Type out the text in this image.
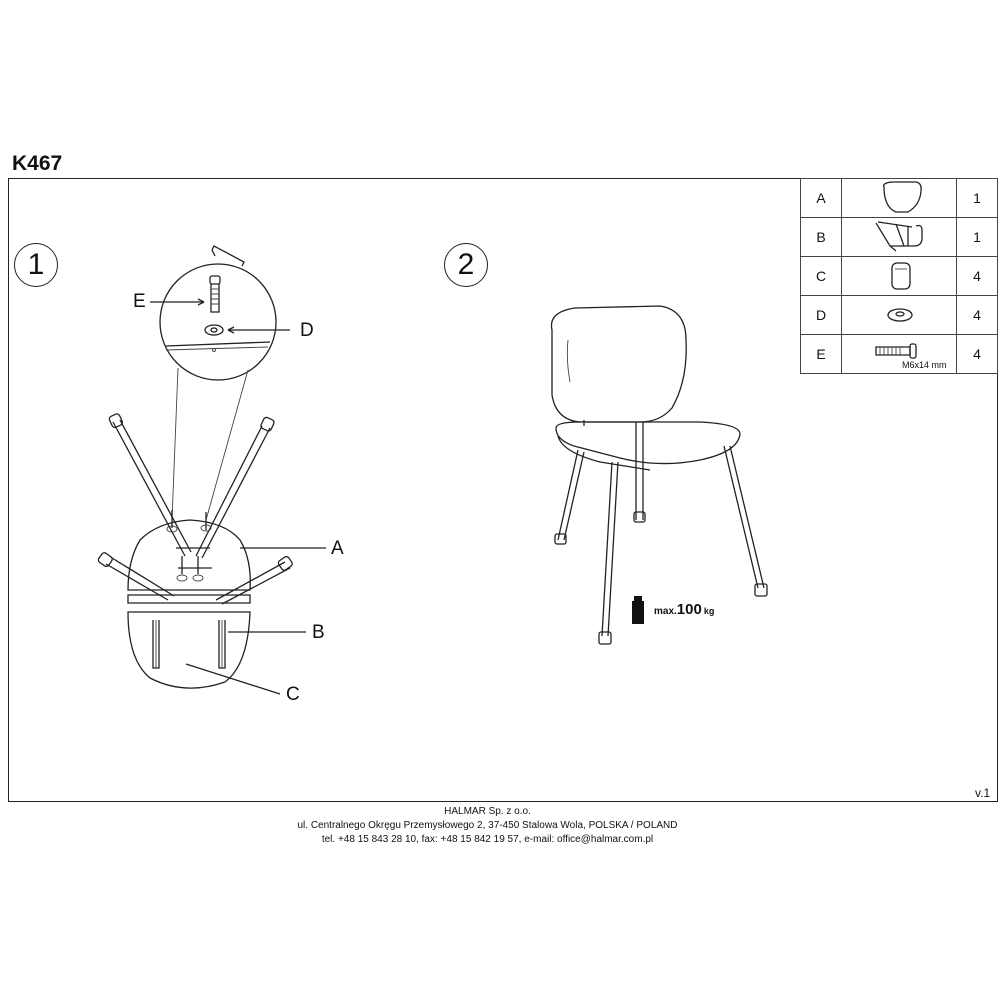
K467
1	2
A		1
B		1
C		4
D		4
E	M6x14 mm	4
E
D
A
B
C
max.100 kg
v.1
HALMAR Sp. z o.o.
ul. Centralnego Okręgu Przemysłowego 2, 37-450 Stalowa Wola, POLSKA / POLAND
tel. +48 15 843 28 10, fax: +48 15 842 19 57, e-mail: office@halmar.com.pl
